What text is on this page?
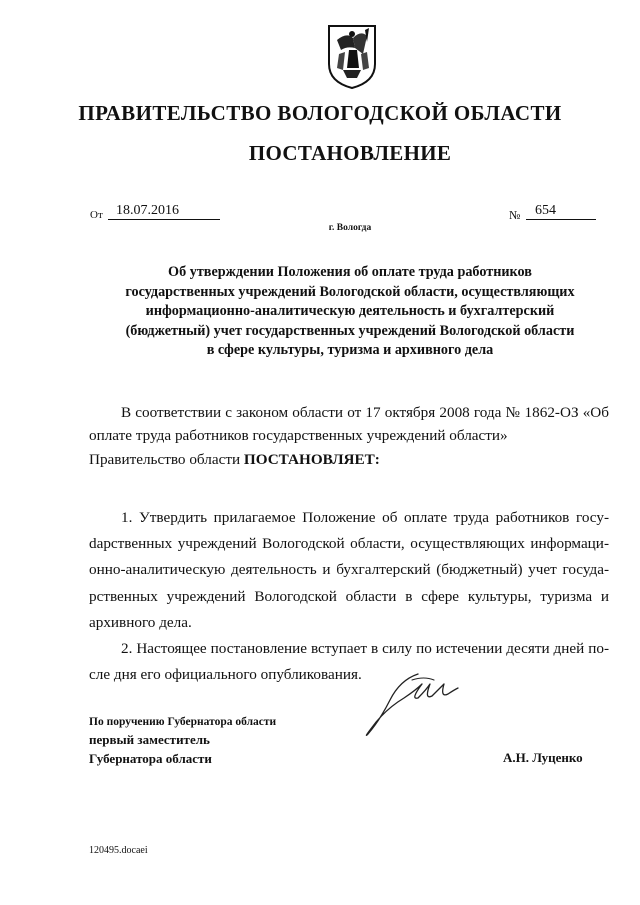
ПРАВИТЕЛЬСТВО ВОЛОГОДСКОЙ ОБЛАСТИ
ПОСТАНОВЛЕНИЕ
От 18.07.2016	№	654
г. Вологда
Об утверждении Положения об оплате труда работников
государственных учреждений Вологодской области, осуществляющих
информационно-аналитическую деятельность и бухгалтерский
(бюджетный) учет государственных учреждений Вологодской области
в сфере культуры, туризма и архивного дела
В соответствии с законом области от 17 октября 2008 года № 1862-ОЗ «Об оплате труда работников государственных учреждений области»
Правительство области ПОСТАНОВЛЯЕТ:
1. Утвердить прилагаемое Положение об оплате труда работников госуdарственных учреждений Вологодской области, осуществляющих информационно-аналитическую деятельность и бухгалтерский (бюджетный) учет государственных учреждений Вологодской области в сфере культуры, туризма и архивного дела.
2. Настоящее постановление вступает в силу по истечении десяти дней после дня его официального опубликования.
По поручению Губернатора области
первый заместитель
Губернатора области	А.Н. Луценко
120495.docaei
